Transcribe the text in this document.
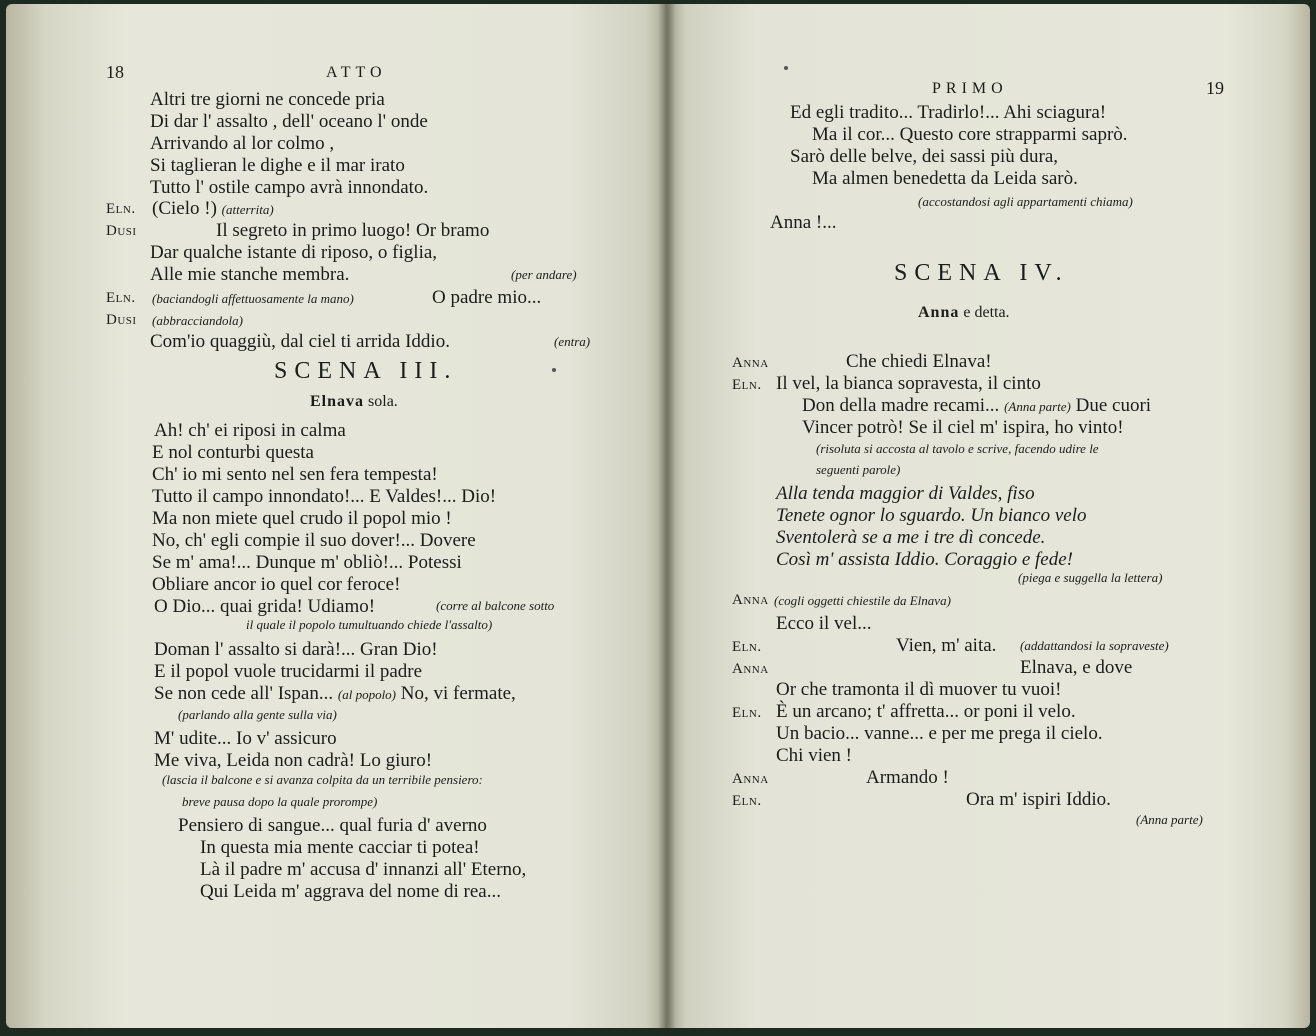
18	ATTO
Altri tre giorni ne concede pria
Di dar l' assalto , dell' oceano l' onde
Arrivando al lor colmo ,
Si taglieran le dighe e il mar irato
Tutto l' ostile campo avrà innondato.
Eln. (Cielo !) (atterrita)
Dusi	Il segreto in primo luogo! Or bramo
Dar qualche istante di riposo, o figlia,
Alle mie stanche membra.	(per andare)
Eln. (baciandogli affettuosamente la mano)	O padre mio...
Dusi (abbracciandola)
Com'io quaggiù, dal ciel ti arrida Iddio.	(entra)
SCENA III.
Elnava sola.
Ah! ch' ei riposi in calma
E nol conturbi questa
Ch' io mi sento nel sen fera tempesta!
Tutto il campo innondato!... E Valdes!... Dio!
Ma non miete quel crudo il popol mio !
No, ch' egli compie il suo dover!... Dovere
Se m' ama!... Dunque m' obliò!... Potessi
Obliare ancor io quel cor feroce!
O Dio... quai grida! Udiamo!	(corre al balcone sotto
il quale il popolo tumultuando chiede l'assalto)
Doman l' assalto si darà!... Gran Dio!
E il popol vuole trucidarmi il padre
Se non cede all' Ispan... (al popolo) No, vi fermate,
(parlando alla gente sulla via)
M' udite... Io v' assicuro
Me viva, Leida non cadrà! Lo giuro!
(lascia il balcone e si avanza colpita da un terribile pensiero:
breve pausa dopo la quale prorompe)
Pensiero di sangue... qual furia d' averno
In questa mia mente cacciar ti potea!
Là il padre m' accusa d' innanzi all' Eterno,
Qui Leida m' aggrava del nome di rea...
PRIMO	19
Ed egli tradito... Tradirlo!... Ahi sciagura!
Ma il cor... Questo core strapparmi saprò.
Sarò delle belve, dei sassi più dura,
Ma almen benedetta da Leida sarò.
(accostandosi agli appartamenti chiama)
Anna !...
SCENA IV.
Anna e detta.
Anna	Che chiedi Elnava!
Eln. Il vel, la bianca sopravesta, il cinto
Don della madre recami... (Anna parte) Due cuori
Vincer potrò! Se il ciel m' ispira, ho vinto!
(risoluta si accosta al tavolo e scrive, facendo udire le
seguenti parole)
Alla tenda maggior di Valdes, fiso
Tenete ognor lo sguardo. Un bianco velo
Sventolerà se a me i tre dì concede.
Così m' assista Iddio. Coraggio e fede!
(piega e suggella la lettera)
Anna (cogli oggetti chiestile da Elnava)
Ecco il vel...
Eln.	Vien, m' aita. (addattandosi la sopraveste)
Anna	Elnava, e dove
Or che tramonta il dì muover tu vuoi!
Eln. È un arcano; t' affretta... or poni il velo.
Un bacio... vanne... e per me prega il cielo.
Chi vien !
Anna	Armando !
Eln.	Ora m' ispiri Iddio.
(Anna parte)
